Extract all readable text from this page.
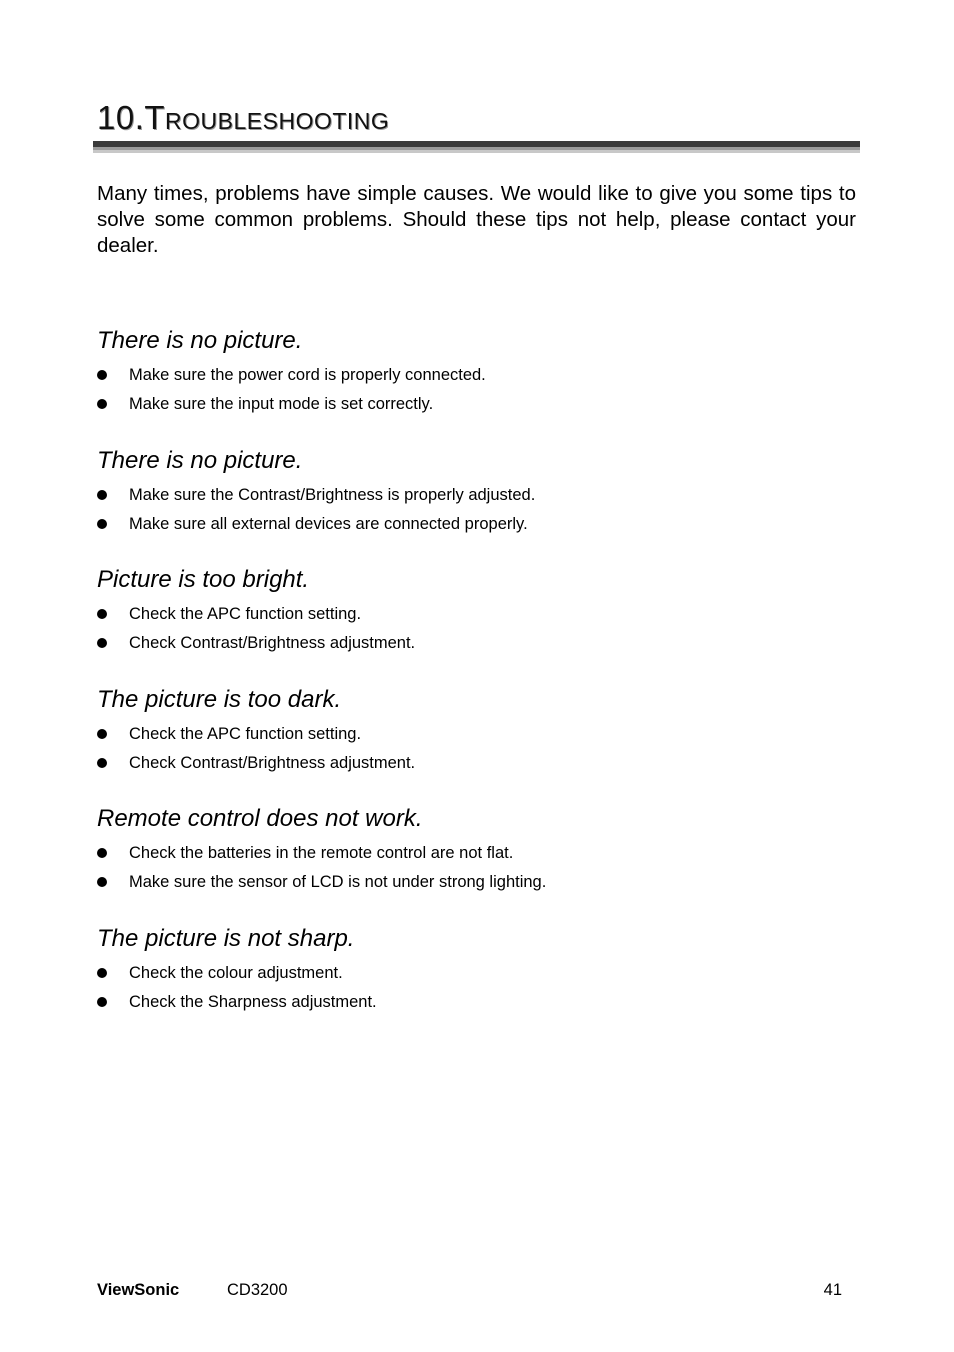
10.Troubleshooting

Many times, problems have simple causes. We would like to give you some tips to solve some common problems. Should these tips not help, please contact your dealer.

There is no picture.
Make sure the power cord is properly connected.
Make sure the input mode is set correctly.
There is no picture.
Make sure the Contrast/Brightness is properly adjusted.
Make sure all external devices are connected properly.
Picture is too bright.
Check the APC function setting.
Check Contrast/Brightness adjustment.
The picture is too dark.
Check the APC function setting.
Check Contrast/Brightness adjustment.
Remote control does not work.
Check the batteries in the remote control are not flat.
Make sure the sensor of LCD is not under strong lighting.
The picture is not sharp.
Check the colour adjustment.
Check the Sharpness adjustment.
ViewSonic	CD3200	41
